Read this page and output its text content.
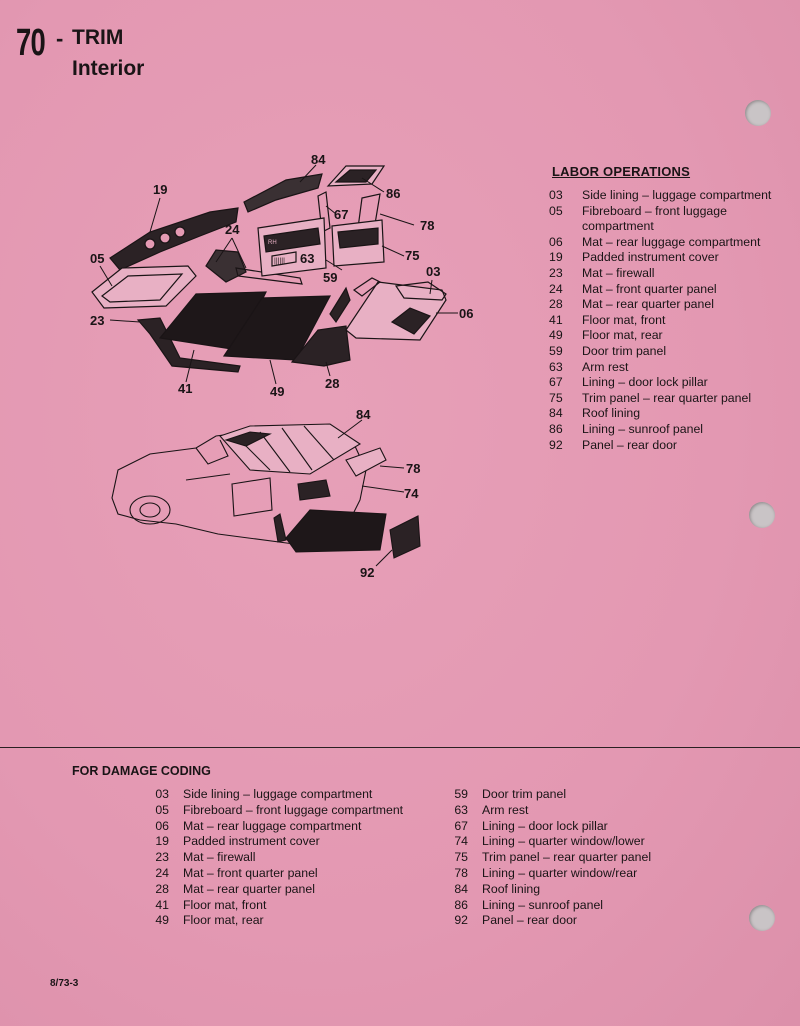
70 - TRIM
Interior
84
86
19
67
78
24
75
05	63
03
59
06
23
41	49
28
84
78
74
92
LABOR OPERATIONS
03	Side lining – luggage compartment
05	Fibreboard – front luggage compartment
06	Mat – rear luggage compartment
19	Padded instrument cover
23	Mat – firewall
24	Mat – front quarter panel
28	Mat – rear quarter panel
41	Floor mat, front
49	Floor mat, rear
59	Door trim panel
63	Arm rest
67	Lining – door lock pillar
75	Trim panel – rear quarter panel
84	Roof lining
86	Lining – sunroof panel
92	Panel – rear door
FOR DAMAGE CODING
03 Side lining – luggage compartment
05 Fibreboard – front luggage compartment
06 Mat – rear luggage compartment
19 Padded instrument cover
23 Mat – firewall
24 Mat – front quarter panel
28 Mat – rear quarter panel
41 Floor mat, front
49 Floor mat, rear
59 Door trim panel
63 Arm rest
67 Lining – door lock pillar
74 Lining – quarter window/lower
75 Trim panel – rear quarter panel
78 Lining – quarter window/rear
84 Roof lining
86 Lining – sunroof panel
92 Panel – rear door
8/73-3
RH
||||||
